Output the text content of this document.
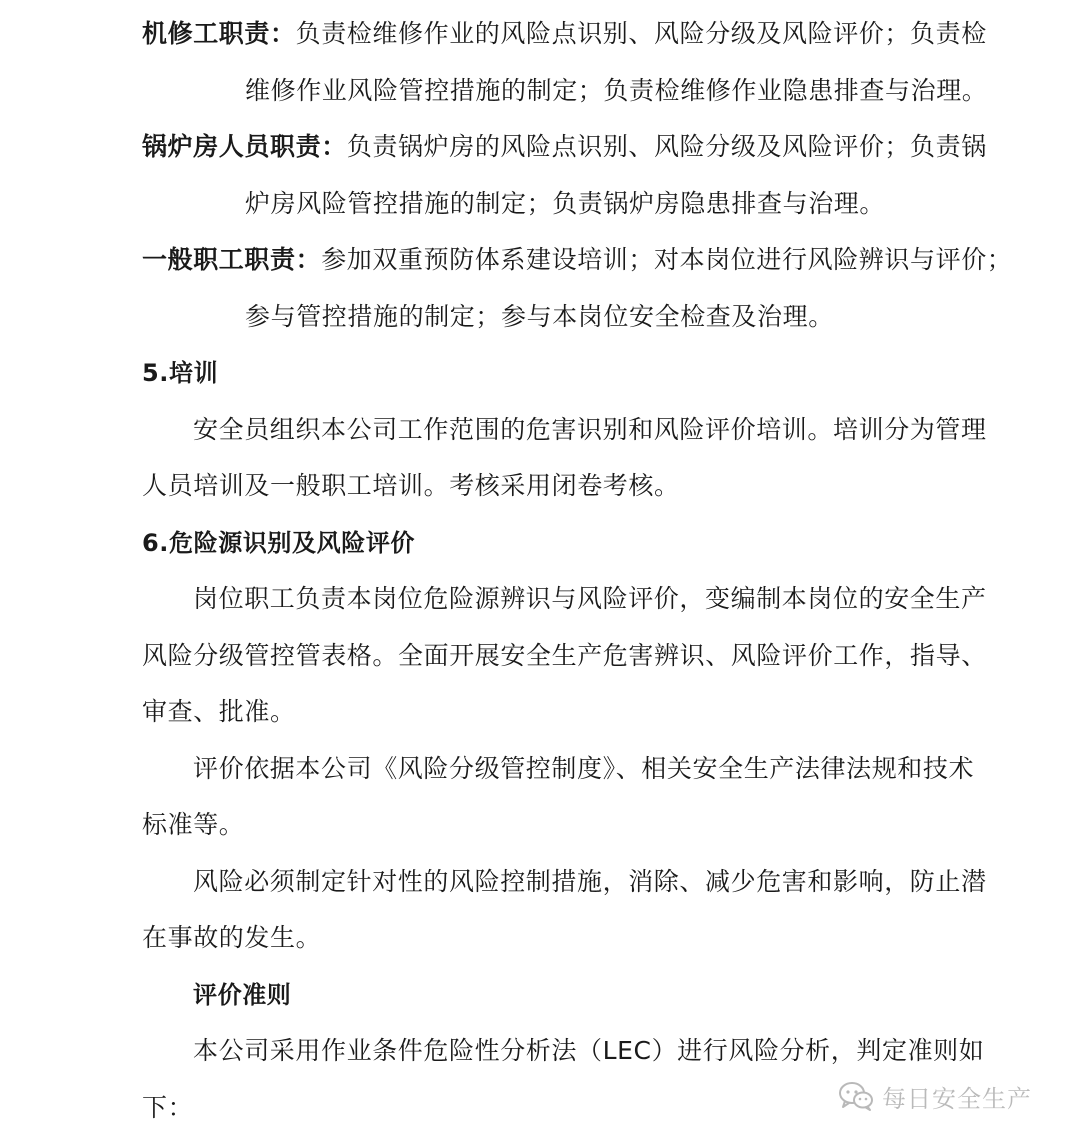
机修工职责：负责检维修作业的风险点识别、风险分级及风险评价；负责检
维修作业风险管控措施的制定；负责检维修作业隐患排查与治理。
锅炉房人员职责：负责锅炉房的风险点识别、风险分级及风险评价；负责锅
炉房风险管控措施的制定；负责锅炉房隐患排查与治理。
一般职工职责：参加双重预防体系建设培训；对本岗位进行风险辨识与评价；
参与管控措施的制定；参与本岗位安全检查及治理。
5.培训
安全员组织本公司工作范围的危害识别和风险评价培训。培训分为管理
人员培训及一般职工培训。考核采用闭卷考核。
6.危险源识别及风险评价
岗位职工负责本岗位危险源辨识与风险评价，变编制本岗位的安全生产
风险分级管控管表格。全面开展安全生产危害辨识、风险评价工作，指导、
审查、批准。
评价依据本公司《风险分级管控制度》、相关安全生产法律法规和技术
标准等。
风险必须制定针对性的风险控制措施，消除、减少危害和影响，防止潜
在事故的发生。
评价准则
本公司采用作业条件危险性分析法（LEC）进行风险分析，判定准则如
下：	每日安全生产
